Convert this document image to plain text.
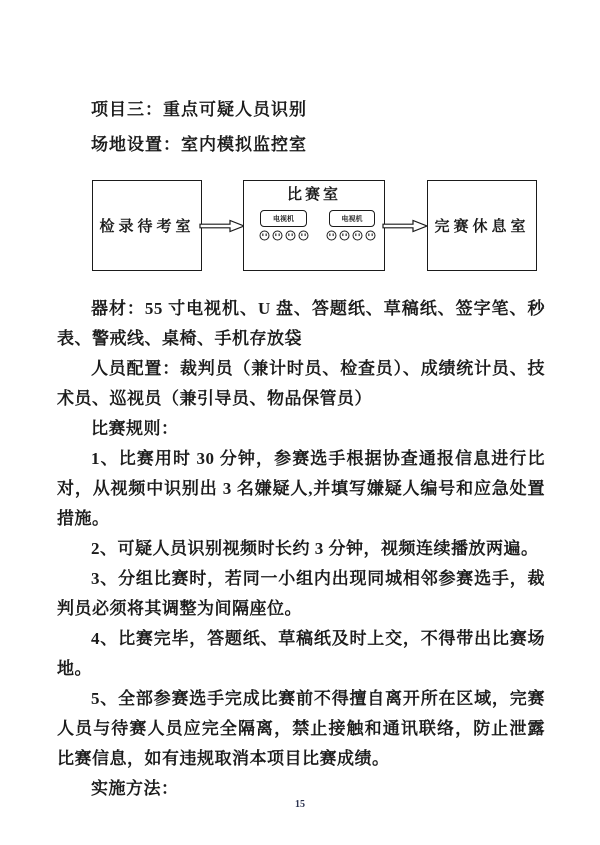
项目三：重点可疑人员识别
场地设置：室内模拟监控室
检录待考室
比赛室
电视机	电视机
完赛休息室

器材：55 寸电视机、U 盘、答题纸、草稿纸、签字笔、秒表、警戒线、桌椅、手机存放袋

人员配置：裁判员（兼计时员、检查员）、成绩统计员、技术员、巡视员（兼引导员、物品保管员）

比赛规则：

1、比赛用时 30 分钟，参赛选手根据协查通报信息进行比对，从视频中识别出 3 名嫌疑人,并填写嫌疑人编号和应急处置措施。

2、可疑人员识别视频时长约 3 分钟，视频连续播放两遍。

3、分组比赛时，若同一小组内出现同城相邻参赛选手，裁判员必须将其调整为间隔座位。

4、比赛完毕，答题纸、草稿纸及时上交，不得带出比赛场地。

5、全部参赛选手完成比赛前不得擅自离开所在区域，完赛人员与待赛人员应完全隔离，禁止接触和通讯联络，防止泄露比赛信息，如有违规取消本项目比赛成绩。

实施方法：

15
